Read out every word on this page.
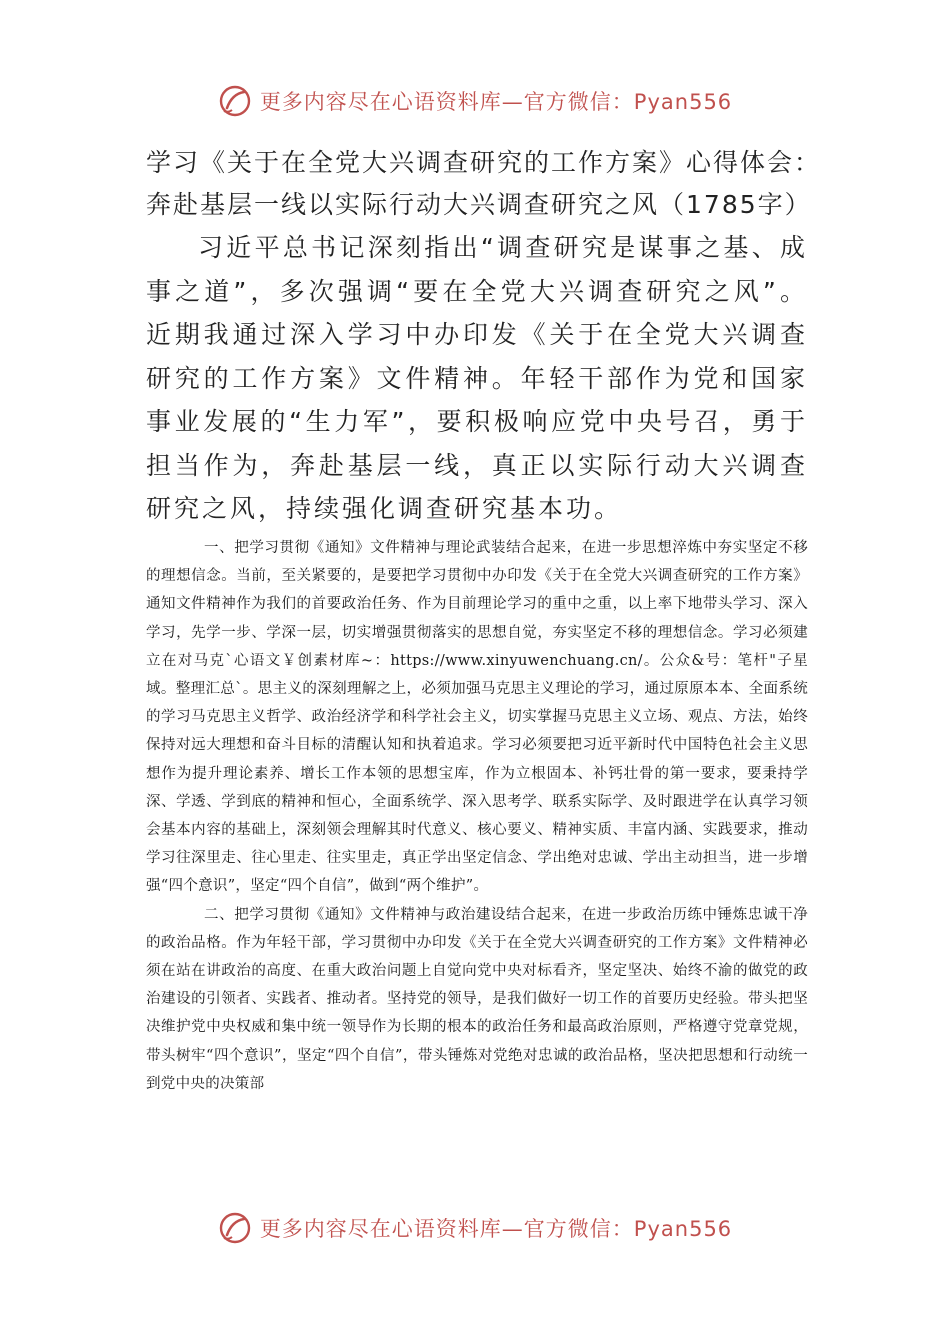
更多内容尽在心语资料库—官方微信：Pyan556
学习《关于在全党大兴调查研究的工作方案》心得体会：
奔赴基层一线以实际行动大兴调查研究之风（1785字）

习近平总书记深刻指出“调查研究是谋事之基、成事之道”，多次强调“要在全党大兴调查研究之风”。近期我通过深入学习中办印发《关于在全党大兴调查研究的工作方案》文件精神。年轻干部作为党和国家事业发展的“生力军”，要积极响应党中央号召，勇于担当作为，奔赴基层一线，真正以实际行动大兴调查研究之风，持续强化调查研究基本功。

一、把学习贯彻《通知》文件精神与理论武装结合起来，在进一步思想淬炼中夯实坚定不移的理想信念。当前，至关紧要的，是要把学习贯彻中办印发《关于在全党大兴调查研究的工作方案》通知文件精神作为我们的首要政治任务、作为目前理论学习的重中之重，以上率下地带头学习、深入学习，先学一步、学深一层，切实增强贯彻落实的思想自觉，夯实坚定不移的理想信念。学习必须建立在对马克`心语文￥创素材库~：https://www.xinyuwenchuang.cn/。公众&号：笔杆"子星域。整理汇总`。思主义的深刻理解之上，必须加强马克思主义理论的学习，通过原原本本、全面系统的学习马克思主义哲学、政治经济学和科学社会主义，切实掌握马克思主义立场、观点、方法，始终保持对远大理想和奋斗目标的清醒认知和执着追求。学习必须要把习近平新时代中国特色社会主义思想作为提升理论素养、增长工作本领的思想宝库，作为立根固本、补钙壮骨的第一要求，要秉持学深、学透、学到底的精神和恒心，全面系统学、深入思考学、联系实际学、及时跟进学在认真学习领会基本内容的基础上，深刻领会理解其时代意义、核心要义、精神实质、丰富内涵、实践要求，推动学习往深里走、往心里走、往实里走，真正学出坚定信念、学出绝对忠诚、学出主动担当，进一步增强“四个意识”，坚定“四个自信”，做到“两个维护”。

二、把学习贯彻《通知》文件精神与政治建设结合起来，在进一步政治历练中锤炼忠诚干净的政治品格。作为年轻干部，学习贯彻中办印发《关于在全党大兴调查研究的工作方案》文件精神必须在站在讲政治的高度、在重大政治问题上自觉向党中央对标看齐，坚定坚决、始终不渝的做党的政治建设的引领者、实践者、推动者。坚持党的领导，是我们做好一切工作的首要历史经验。带头把坚决维护党中央权威和集中统一领导作为长期的根本的政治任务和最高政治原则，严格遵守党章党规，带头树牢“四个意识”，坚定“四个自信”，带头锤炼对党绝对忠诚的政治品格，坚决把思想和行动统一到党中央的决策部

更多内容尽在心语资料库—官方微信：Pyan556
